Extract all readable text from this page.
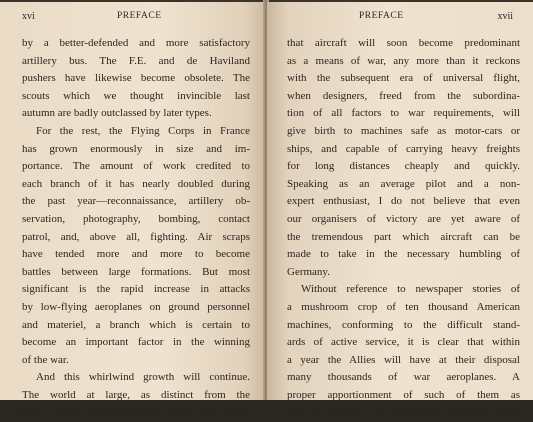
xvi	PREFACE
by a better-defended and more satisfactory
artillery bus. The F.E. and de Haviland
pushers have likewise become obsolete. The
scouts which we thought invincible last
autumn are badly outclassed by later types.
For the rest, the Flying Corps in France
has grown enormously in size and im-
portance. The amount of work credited to
each branch of it has nearly doubled during
the past year—reconnaissance, artillery ob-
servation, photography, bombing, contact
patrol, and, above all, fighting. Air scraps
have tended more and more to become
battles between large formations. But most
significant is the rapid increase in attacks
by low-flying aeroplanes on ground personnel
and materiel, a branch which is certain to
become an important factor in the winning
of the war.
And this whirlwind growth will continue.
The world at large, as distinct from the
small world of aeronautics, does not realise
PREFACE	xvii
that aircraft will soon become predominant
as a means of war, any more than it reckons
with the subsequent era of universal flight,
when designers, freed from the subordina-
tion of all factors to war requirements, will
give birth to machines safe as motor-cars or
ships, and capable of carrying heavy freights
for long distances cheaply and quickly.
Speaking as an average pilot and a non-
expert enthusiast, I do not believe that even
our organisers of victory are yet aware of
the tremendous part which aircraft can be
made to take in the necessary humbling of
Germany.
Without reference to newspaper stories of
a mushroom crop of ten thousand American
machines, conforming to the difficult stand-
ards of active service, it is clear that within
a year the Allies will have at their disposal
many thousands of war aeroplanes. A
proper apportionment of such of them as
can be spared for offensive purposes could
